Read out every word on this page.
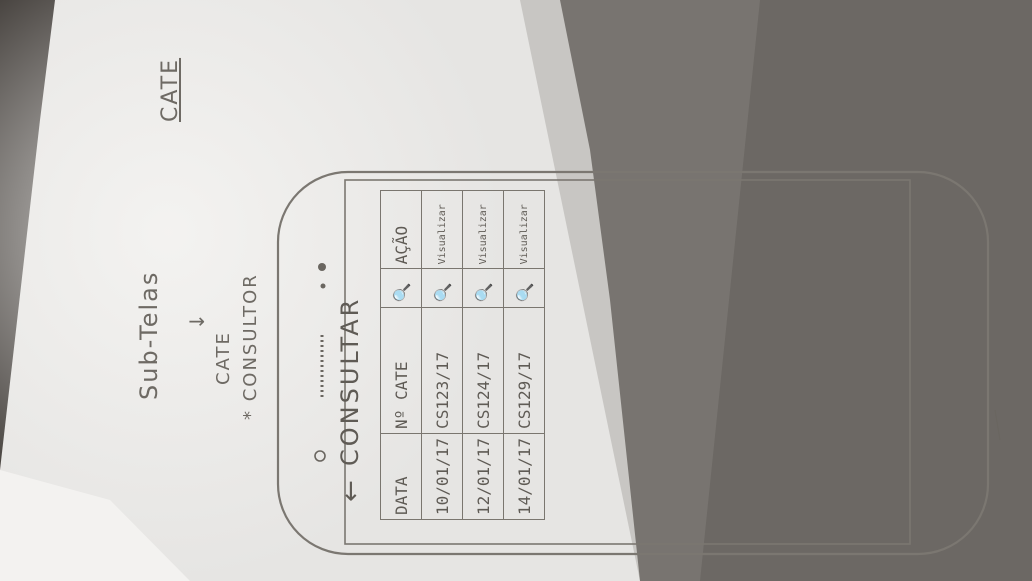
Sub-Telas ↓
CATE * CONSULTOR
CATE
←
CONSULTAR
DATA	Nº CATE	🔍	AÇÃO
10/01/17	CS123/17	🔍	Visualizar
12/01/17	CS124/17	🔍	Visualizar
14/01/17	CS129/17	🔍	Visualizar
